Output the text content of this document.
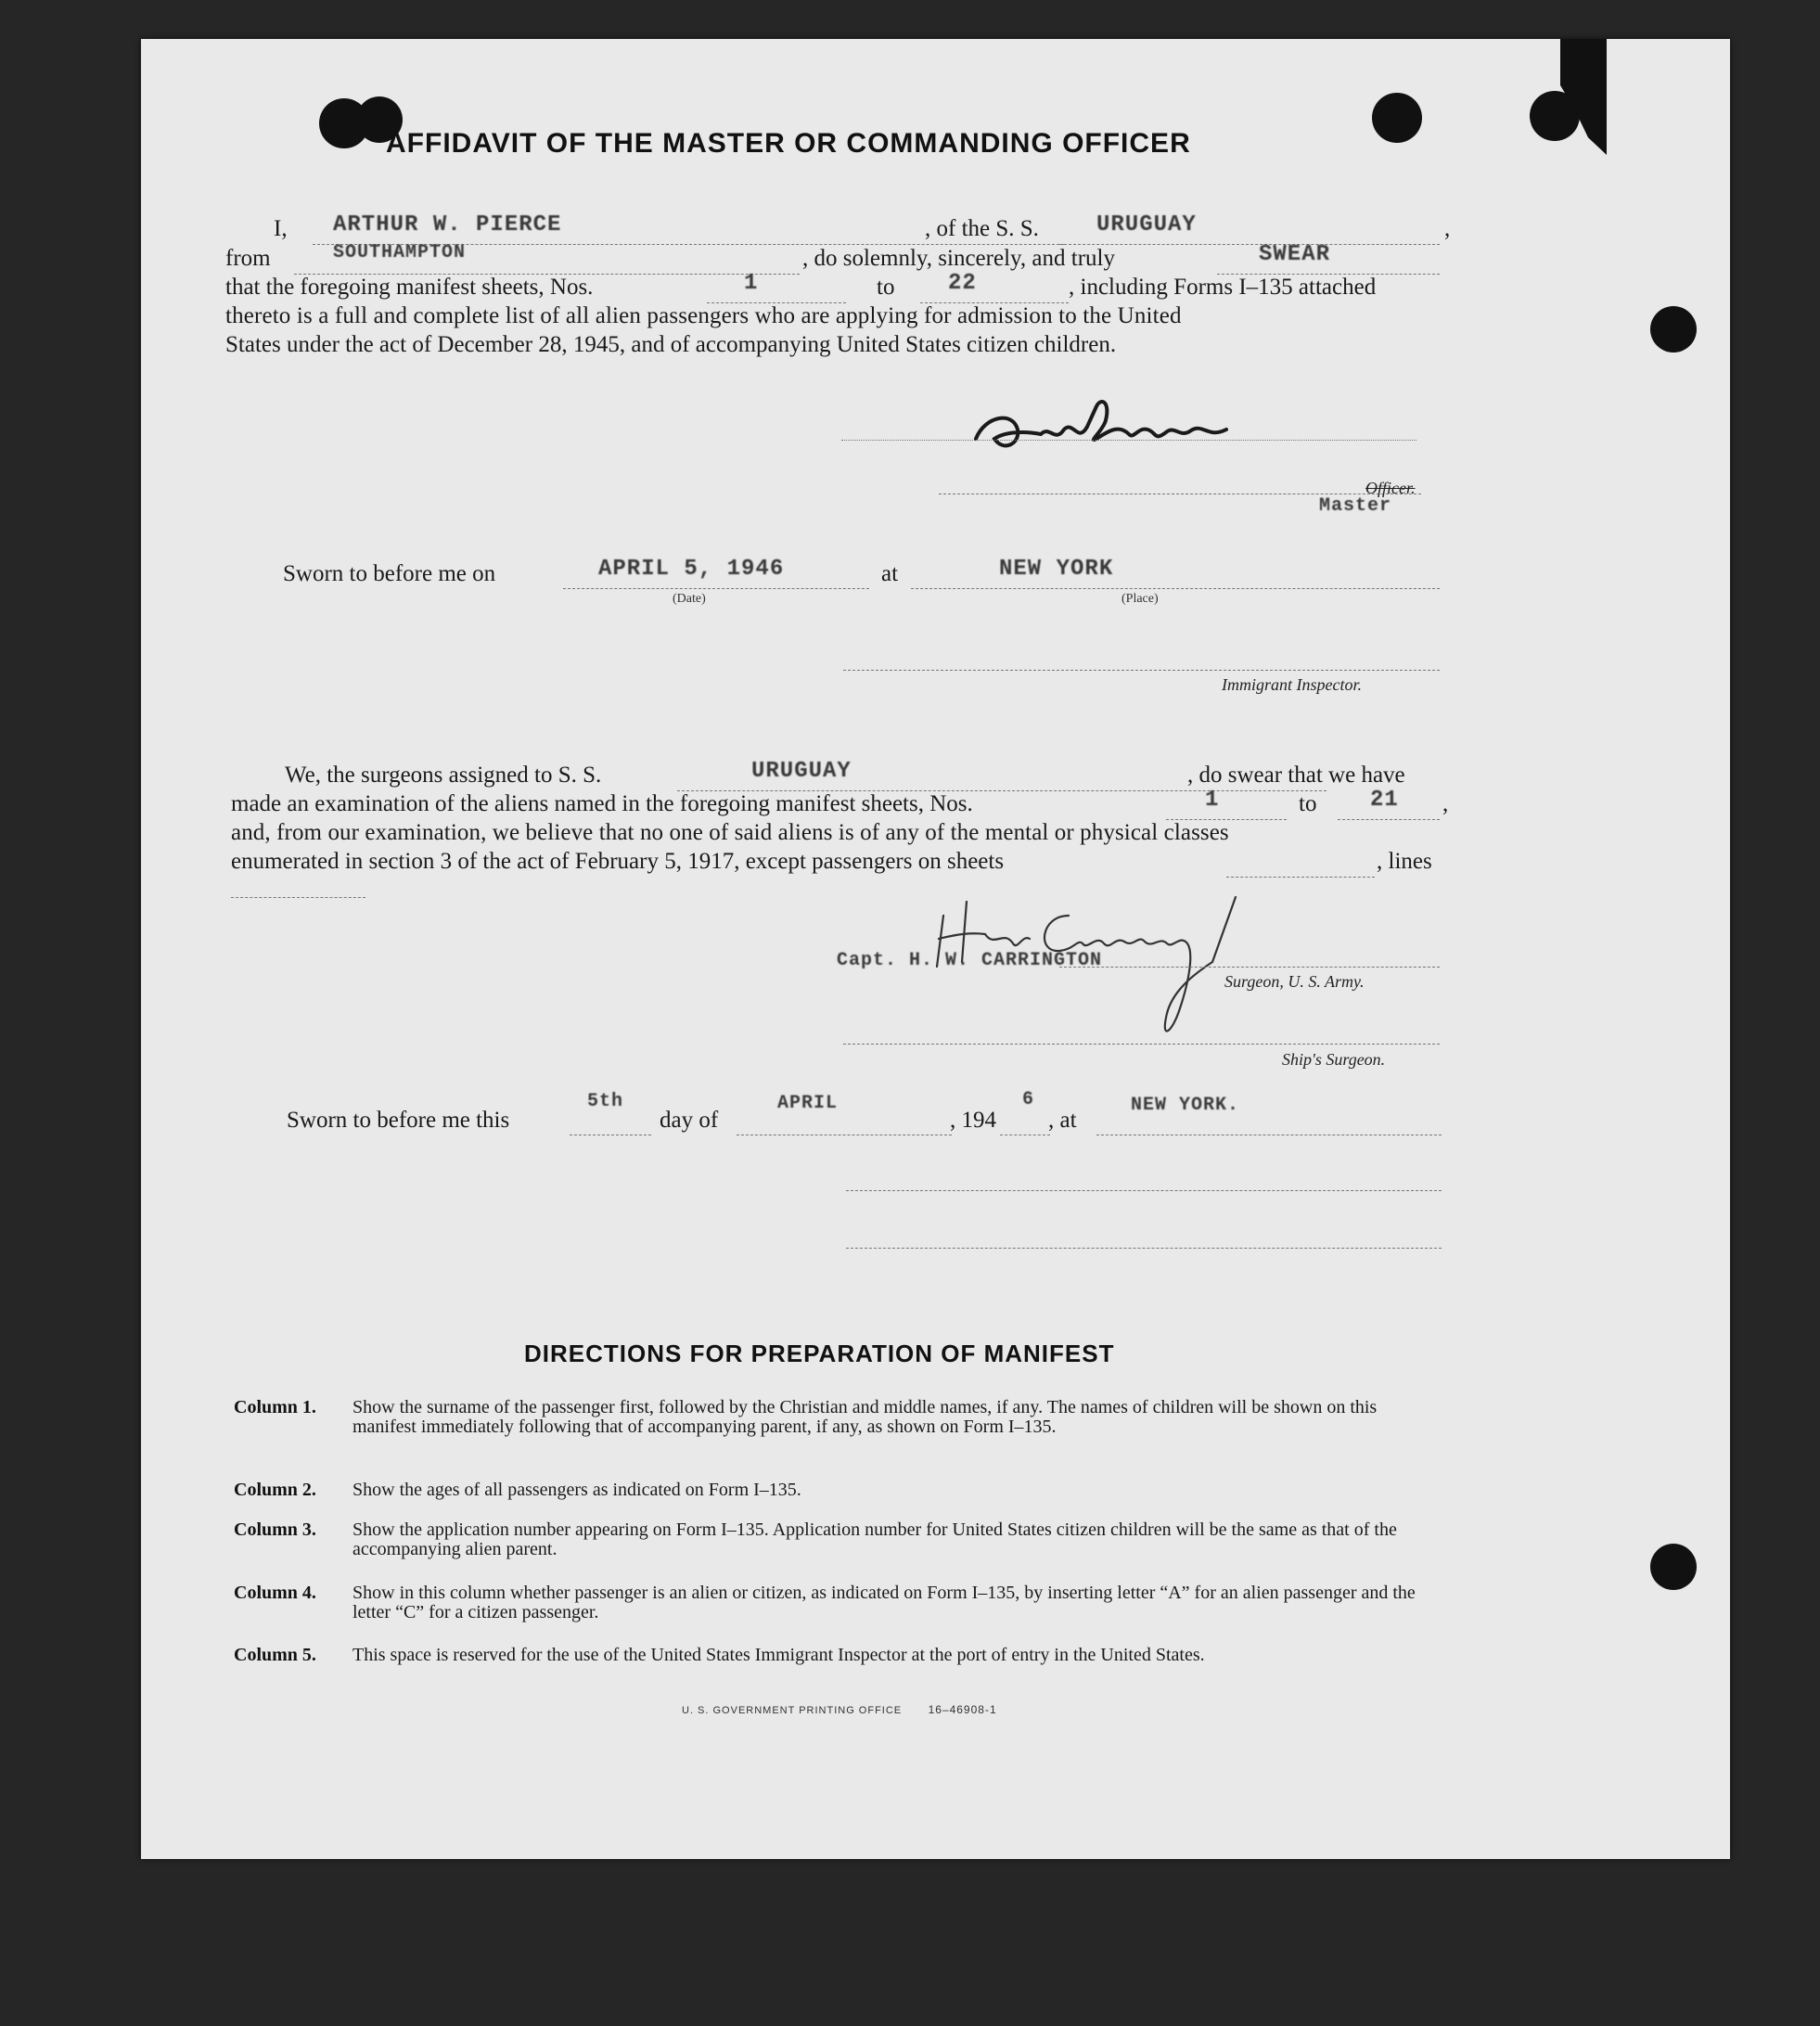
AFFIDAVIT OF THE MASTER OR COMMANDING OFFICER
I, ARTHUR W. PIERCE	, of the S. S.	URUGUAY	,
from	SOUTHAMPTON	, do solemnly, sincerely, and truly	SWEAR
that the foregoing manifest sheets, Nos.	1	to 22	, including Forms I–135 attached
thereto is a full and complete list of all alien passengers who are applying for admission to the United
States under the act of December 28, 1945, and of accompanying United States citizen children.
Officer.
Master
Sworn to before me on	APRIL 5, 1946
(Date)
at	NEW YORK
(Place)
Immigrant Inspector.
We, the surgeons assigned to S. S.	URUGUAY	, do swear that we have
made an examination of the aliens named in the foregoing manifest sheets, Nos.	1	to 21 ,
and, from our examination, we believe that no one of said aliens is of any of the mental or physical classes
enumerated in section 3 of the act of February 5, 1917, except passengers on sheets	, lines
Capt. H. W. CARRINGTON
Surgeon, U. S. Army.
Ship's Surgeon.
Sworn to before me this
5th
day of
APRIL
, 194
6
, at
NEW YORK.
DIRECTIONS FOR PREPARATION OF MANIFEST
Column 1.	Show the surname of the passenger first, followed by the Christian and middle names, if any. The names of children will be shown on this manifest immediately following that of accompanying parent, if any, as shown on Form I–135.
Column 2.	Show the ages of all passengers as indicated on Form I–135.
Column 3.	Show the application number appearing on Form I–135. Application number for United States citizen children will be the same as that of the accompanying alien parent.
Column 4.	Show in this column whether passenger is an alien or citizen, as indicated on Form I–135, by inserting letter “A” for an alien passenger and the letter “C” for a citizen passenger.
Column 5.	This space is reserved for the use of the United States Immigrant Inspector at the port of entry in the United States.
U. S. GOVERNMENT PRINTING OFFICE 16–46908-1
